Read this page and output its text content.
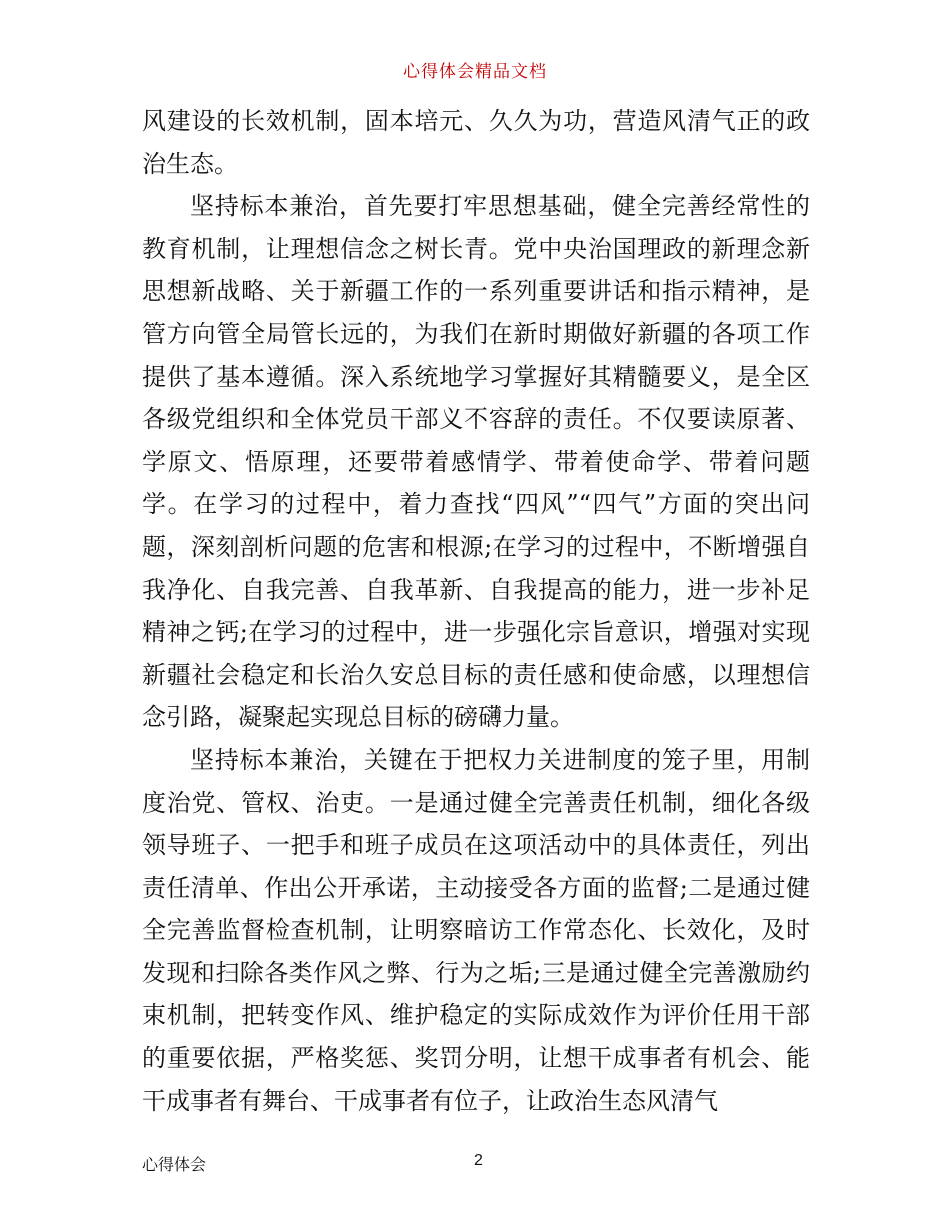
心得体会精品文档

风建设的长效机制，固本培元、久久为功，营造风清气正的政治生态。

坚持标本兼治，首先要打牢思想基础，健全完善经常性的教育机制，让理想信念之树长青。党中央治国理政的新理念新思想新战略、关于新疆工作的一系列重要讲话和指示精神，是管方向管全局管长远的，为我们在新时期做好新疆的各项工作提供了基本遵循。深入系统地学习掌握好其精髓要义，是全区各级党组织和全体党员干部义不容辞的责任。不仅要读原著、学原文、悟原理，还要带着感情学、带着使命学、带着问题学。在学习的过程中，着力查找“四风”“四气”方面的突出问题，深刻剖析问题的危害和根源;在学习的过程中，不断增强自我净化、自我完善、自我革新、自我提高的能力，进一步补足精神之钙;在学习的过程中，进一步强化宗旨意识，增强对实现新疆社会稳定和长治久安总目标的责任感和使命感，以理想信念引路，凝聚起实现总目标的磅礴力量。

坚持标本兼治，关键在于把权力关进制度的笼子里，用制度治党、管权、治吏。一是通过健全完善责任机制，细化各级领导班子、一把手和班子成员在这项活动中的具体责任，列出责任清单、作出公开承诺，主动接受各方面的监督;二是通过健全完善监督检查机制，让明察暗访工作常态化、长效化，及时发现和扫除各类作风之弊、行为之垢;三是通过健全完善激励约束机制，把转变作风、维护稳定的实际成效作为评价任用干部的重要依据，严格奖惩、奖罚分明，让想干成事者有机会、能干成事者有舞台、干成事者有位子，让政治生态风清气

心得体会	2
